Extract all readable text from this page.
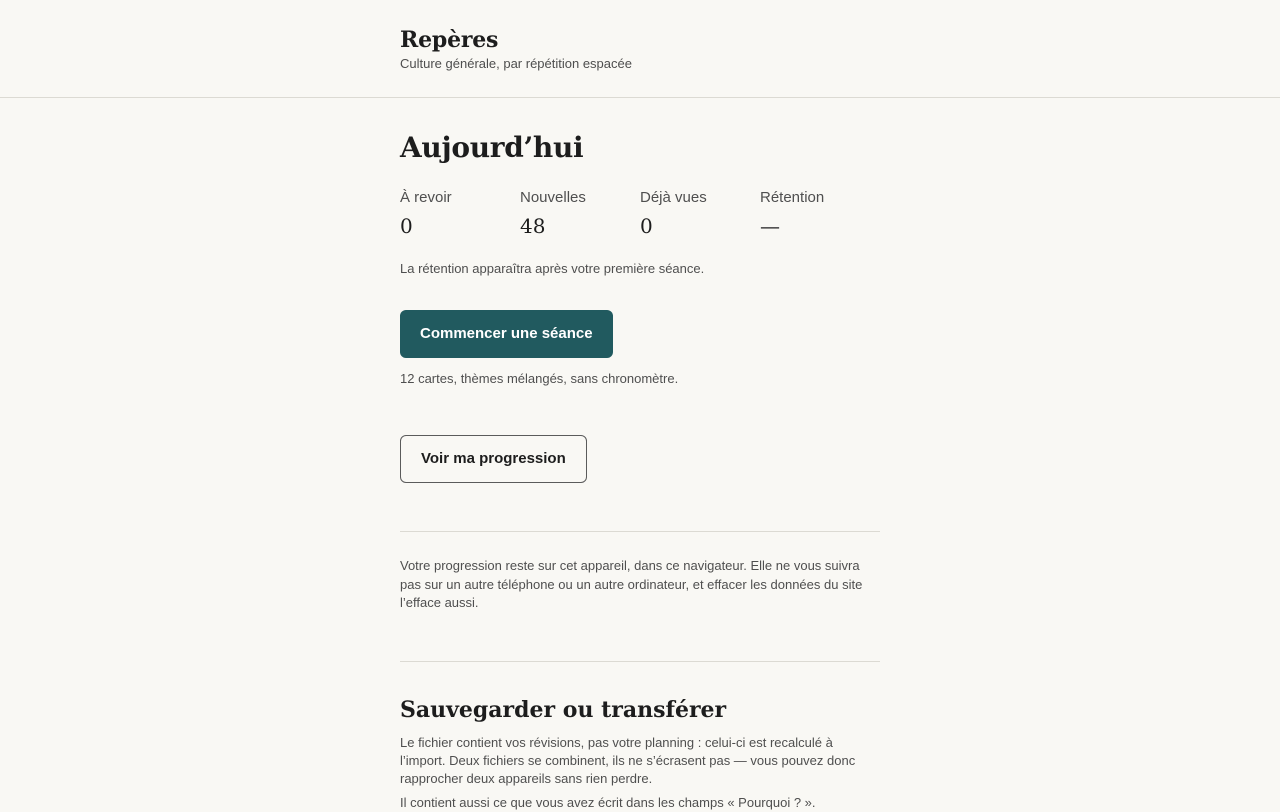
Repères
Culture générale, par répétition espacée
Aujourd’hui
À revoir
0
Nouvelles
48
Déjà vues
0
Rétention
—

La rétention apparaîtra après votre première séance.

Commencer une séance

12 cartes, thèmes mélangés, sans chronomètre.

Voir ma progression

Votre progression reste sur cet appareil, dans ce navigateur. Elle ne vous suivra pas sur un autre téléphone ou un autre ordinateur, et effacer les données du site l’efface aussi.

Sauvegarder ou transférer

Le fichier contient vos révisions, pas votre planning : celui-ci est recalculé à l’import. Deux fichiers se combinent, ils ne s’écrasent pas — vous pouvez donc rapprocher deux appareils sans rien perdre.

Il contient aussi ce que vous avez écrit dans les champs « Pourquoi ? ».
